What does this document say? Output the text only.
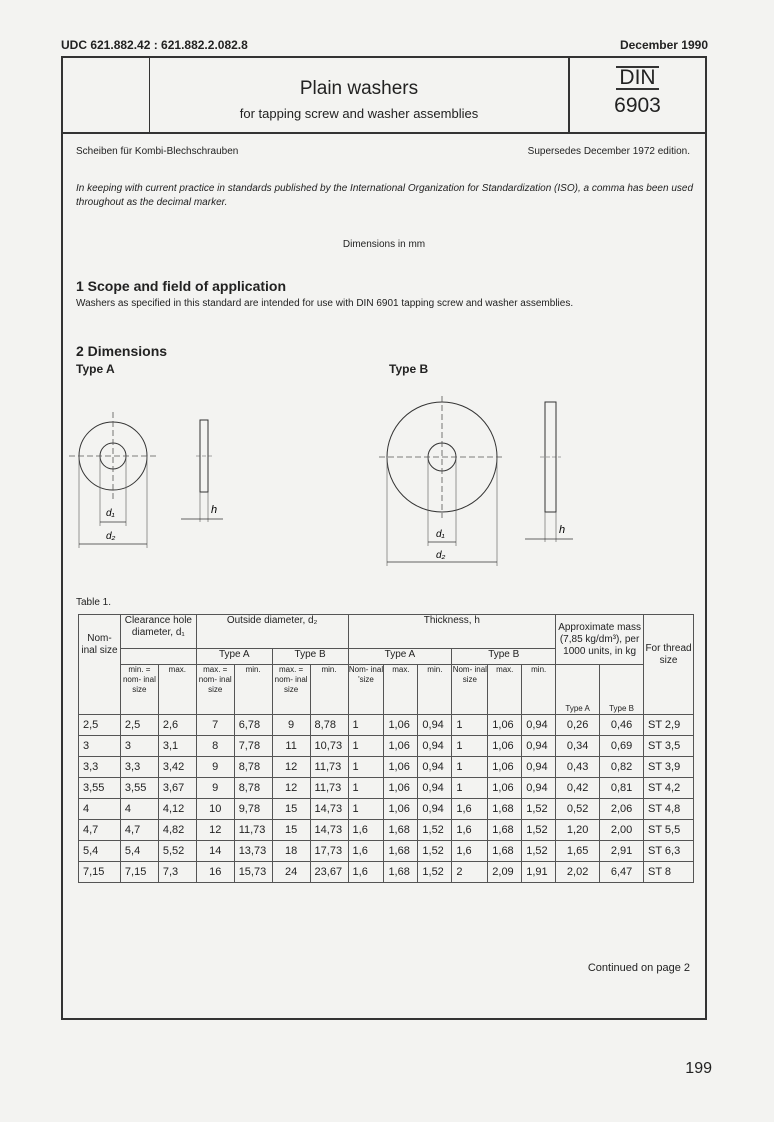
UDC 621.882.42 : 621.882.2.082.8	December 1990
Plain washers
for tapping screw and washer assemblies
DIN
6903
Scheiben für Kombi-Blechschrauben	Supersedes December 1972 edition.
In keeping with current practice in standards published by the International Organization for Standardization (ISO), a comma has been used throughout as the decimal marker.
Dimensions in mm
1 Scope and field of application
Washers as specified in this standard are intended for use with DIN 6901 tapping screw and washer assemblies.
2 Dimensions
Type A	Type B
d₁
d₂
h
d₁
d₂
h
Table 1.
Nom- inal size	Clearance hole diameter, d₁		Outside diameter, d₂				Thickness, h						Approximate mass (7,85 kg/dm³), per 1000 units, in kg		For thread size
			Type A		Type B		Type A			Type B					
	min. = nom- inal size	max.	max. = nom- inal size	min.	max. = nom- inal size	min.	Nom- inal 'size	max.	min.	Nom- inal size	max.	min.	Type A	Type B	
2,5	2,5	2,6	7	6,78	9	8,78	1	1,06	0,94	1	1,06	0,94	0,26	0,46	ST 2,9
3	3	3,1	8	7,78	11	10,73	1	1,06	0,94	1	1,06	0,94	0,34	0,69	ST 3,5
3,3	3,3	3,42	9	8,78	12	11,73	1	1,06	0,94	1	1,06	0,94	0,43	0,82	ST 3,9
3,55	3,55	3,67	9	8,78	12	11,73	1	1,06	0,94	1	1,06	0,94	0,42	0,81	ST 4,2
4	4	4,12	10	9,78	15	14,73	1	1,06	0,94	1,6	1,68	1,52	0,52	2,06	ST 4,8
4,7	4,7	4,82	12	11,73	15	14,73	1,6	1,68	1,52	1,6	1,68	1,52	1,20	2,00	ST 5,5
5,4	5,4	5,52	14	13,73	18	17,73	1,6	1,68	1,52	1,6	1,68	1,52	1,65	2,91	ST 6,3
7,15	7,15	7,3	16	15,73	24	23,67	1,6	1,68	1,52	2	2,09	1,91	2,02	6,47	ST 8
Continued on page 2
199
